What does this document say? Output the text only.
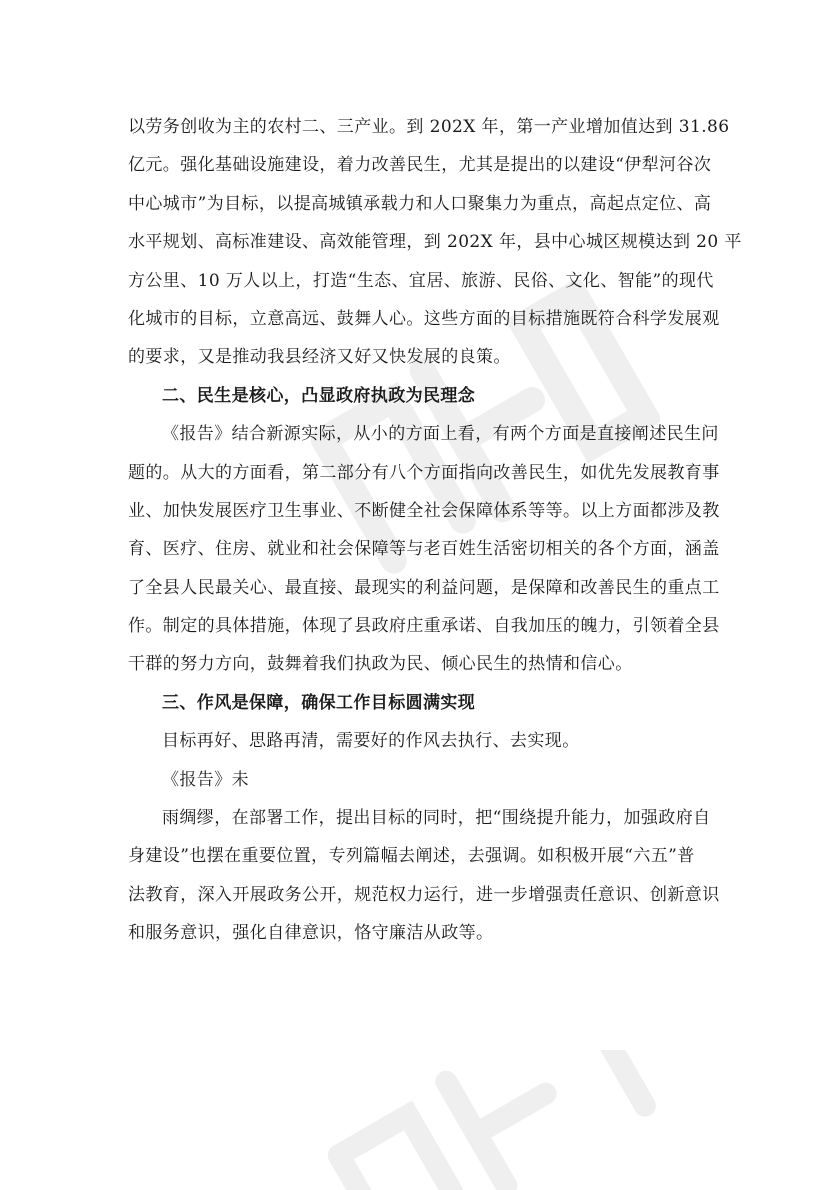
以劳务创收为主的农村二、三产业。到 202X 年，第一产业增加值达到 31.86
亿元。强化基础设施建设，着力改善民生，尤其是提出的以建设“伊犁河谷次
中心城市”为目标，以提高城镇承载力和人口聚集力为重点，高起点定位、高
水平规划、高标准建设、高效能管理，到 202X 年，县中心城区规模达到 20 平
方公里、10 万人以上，打造“生态、宜居、旅游、民俗、文化、智能”的现代
化城市的目标，立意高远、鼓舞人心。这些方面的目标措施既符合科学发展观
的要求，又是推动我县经济又好又快发展的良策。
二、民生是核心，凸显政府执政为民理念
《报告》结合新源实际，从小的方面上看，有两个方面是直接阐述民生问
题的。从大的方面看，第二部分有八个方面指向改善民生，如优先发展教育事
业、加快发展医疗卫生事业、不断健全社会保障体系等等。以上方面都涉及教
育、医疗、住房、就业和社会保障等与老百姓生活密切相关的各个方面，涵盖
了全县人民最关心、最直接、最现实的利益问题，是保障和改善民生的重点工
作。制定的具体措施，体现了县政府庄重承诺、自我加压的魄力，引领着全县
干群的努力方向，鼓舞着我们执政为民、倾心民生的热情和信心。
三、作风是保障，确保工作目标圆满实现
目标再好、思路再清，需要好的作风去执行、去实现。
《报告》未
雨绸缪，在部署工作，提出目标的同时，把“围绕提升能力，加强政府自
身建设”也摆在重要位置，专列篇幅去阐述，去强调。如积极开展“六五”普
法教育，深入开展政务公开，规范权力运行，进一步增强责任意识、创新意识
和服务意识，强化自律意识，恪守廉洁从政等。
